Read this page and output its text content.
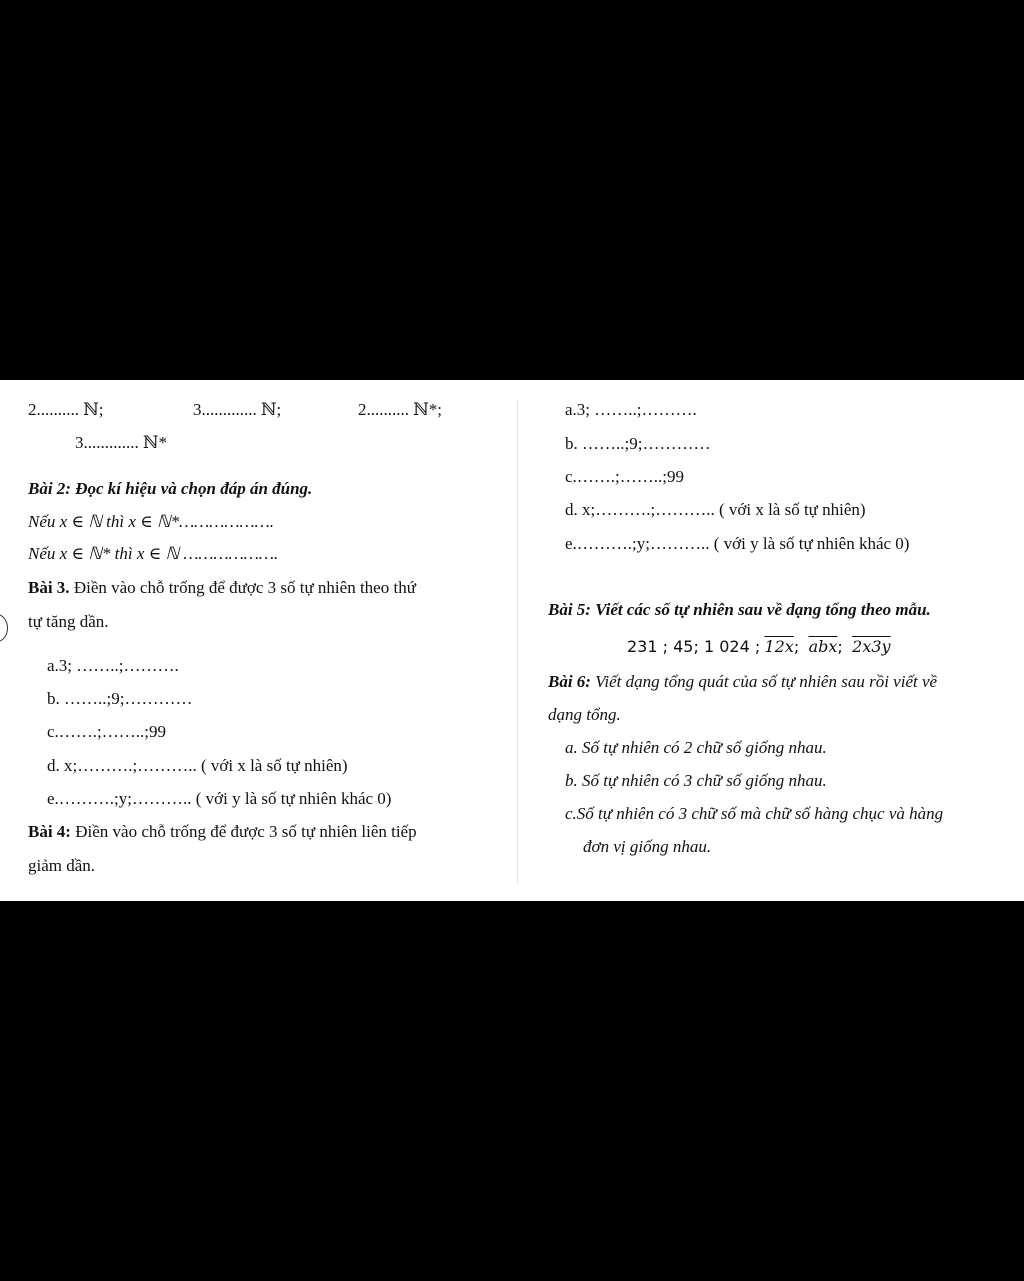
2.......... ℕ;	3............. ℕ;	2.......... ℕ*;
3............. ℕ*
Bài 2: Đọc kí hiệu và chọn đáp án đúng.
Nếu x ∈ ℕ thì x ∈ ℕ*……………….
Nếu x ∈ ℕ* thì x ∈ ℕ ……………….
Bài 3. Điền vào chỗ trống để được 3 số tự nhiên theo thứ
tự tăng dần.
a.3; ……..;……….
b. ……..;9;…………
c.…….;……..;99
d. x;……….;……….. ( với x là số tự nhiên)
e.……….;y;……….. ( với y là số tự nhiên khác 0)
Bài 4: Điền vào chỗ trống để được 3 số tự nhiên liên tiếp
giảm dần.
a.3; ……..;……….
b. ……..;9;…………
c.…….;……..;99
d. x;……….;……….. ( với x là số tự nhiên)
e.……….;y;……….. ( với y là số tự nhiên khác 0)
Bài 5: Viết các số tự nhiên sau về dạng tổng theo mẫu.
231 ; 45; 1 024 ; 12x;  $\overline{abx}$;  2x3y
Bài 6: Viết dạng tổng quát của số tự nhiên sau rồi viết về
dạng tổng.
a. Số tự nhiên có 2 chữ số giống nhau.
b. Số tự nhiên có 3 chữ số giống nhau.
c.Số tự nhiên có 3 chữ số mà chữ số hàng chục và hàng
đơn vị giống nhau.
